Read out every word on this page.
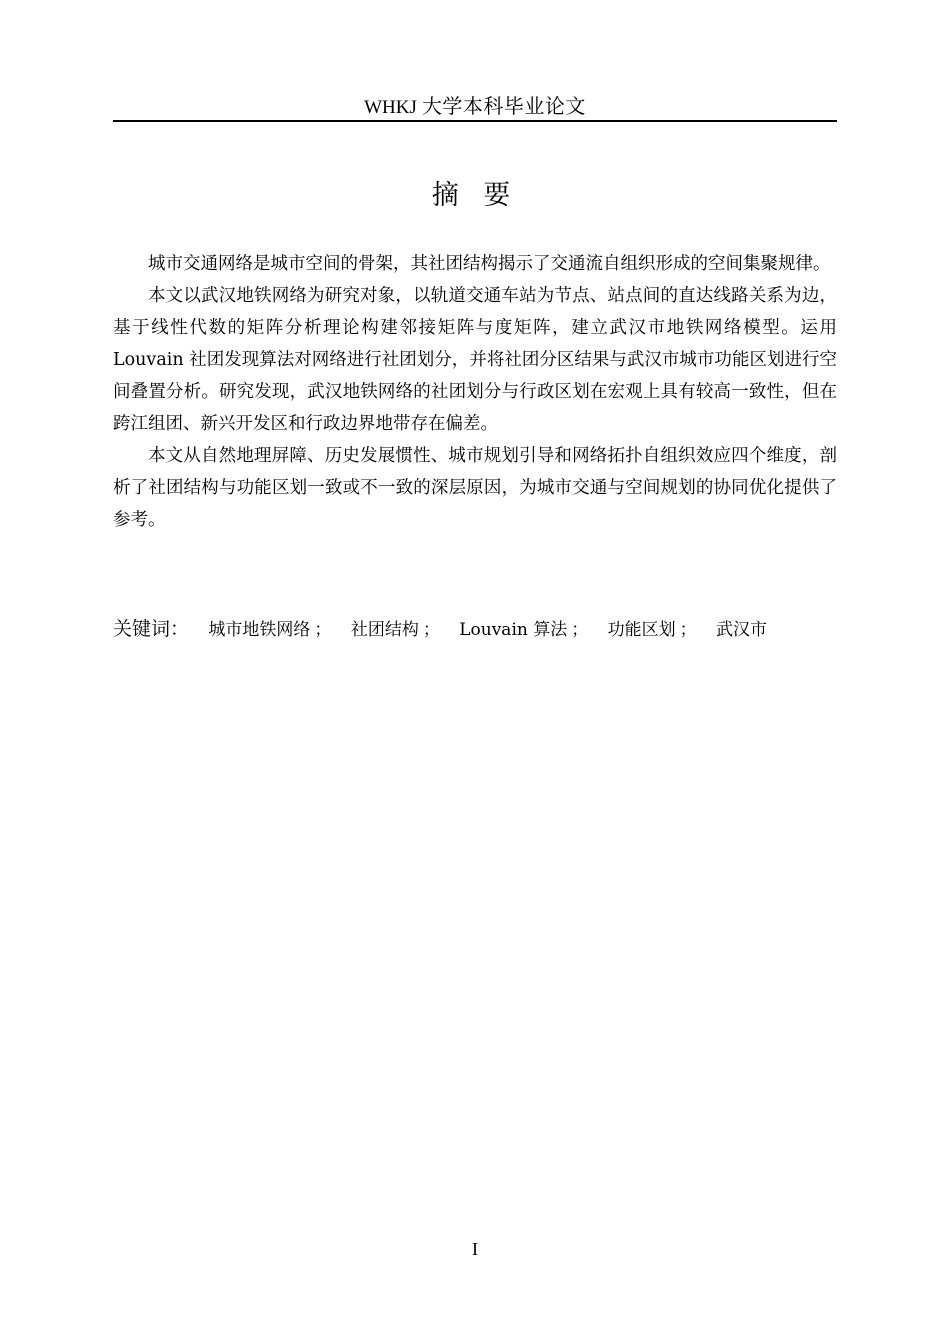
WHKJ 大学本科毕业论文
摘 要

城市交通网络是城市空间的骨架，其社团结构揭示了交通流自组织形成的空间集聚规律。

本文以武汉地铁网络为研究对象，以轨道交通车站为节点、站点间的直达线路关系为边，基于线性代数的矩阵分析理论构建邻接矩阵与度矩阵，建立武汉市地铁网络模型。运用 Louvain 社团发现算法对网络进行社团划分，并将社团分区结果与武汉市城市功能区划进行空间叠置分析。研究发现，武汉地铁网络的社团划分与行政区划在宏观上具有较高一致性，但在跨江组团、新兴开发区和行政边界地带存在偏差。

本文从自然地理屏障、历史发展惯性、城市规划引导和网络拓扑自组织效应四个维度，剖析了社团结构与功能区划一致或不一致的深层原因，为城市交通与空间规划的协同优化提供了参考。

关键词： 城市地铁网络 ； 社团结构 ； Louvain 算法 ； 功能区划 ； 武汉市
I
